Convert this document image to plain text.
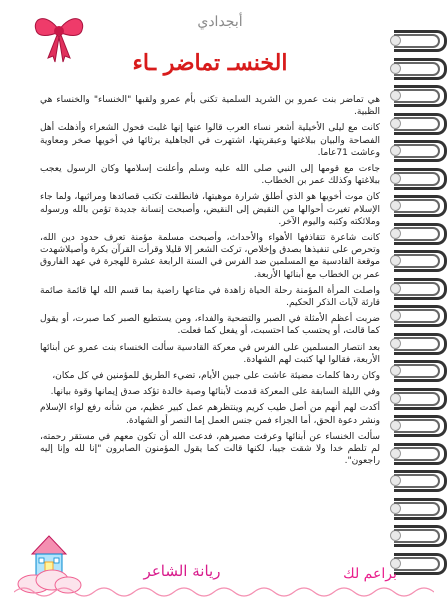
أبجدادي
الخنسـ تماضر ـاء

هي تماضر بنت عمرو بن الشريد السلمية تكنى بأم عمرو ولقبها "الخنساء" والخنساء هي الظبية.

كانت مع ليلى الأخيلية أشعر نساء العرب قالوا عنها إنها غلبت فحول الشعراء وأذهلت أهل الفصاحة والبيان ببلاغتها وعبقريتها، اشتهرت في الجاهلية برثائها في أخويها صخر ومعاوية وعاشت 71عاما.

جاءت مع قومها إلى النبي صلى الله عليه وسلم وأعلنت إسلامها وكان الرسول يعجب ببلاغتها وكذلك عمر بن الخطاب.

كان موت أخويها هو الذي أطلق شرارة موهبتها، فانطلقت تكتب قصائدها ومراثيها، ولما جاء الإسلام تغيرت أحوالها من النقيض إلى النقيض، وأصبحت إنسانة جديدة تؤمن بالله ورسوله وملائكته وكتبه واليوم الآخر.

كانت شاعرة تتقاذفها الأهواء والأحداث، وأصبحت مسلمة مؤمنة تعرف حدود دين الله، وتحرص على تنفيذها بصدق وإخلاص، تركت الشعر إلا قليلا وقرأت القرآن بكرة وأصيلاشهدت موقعة القادسية مع المسلمين ضد الفرس في السنة الرابعة عشرة للهجرة في عهد الفاروق عمر بن الخطاب مع أبنائها الأربعة.

واصلت المرأة المؤمنة رحلة الحياة زاهدة في متاعها راضية بما قسم الله لها قائمة صائمة قارئة لآيات الذكر الحكيم.

ضربت أعظم الأمثلة في الصبر والتضحية والفداء، ومن يستطيع الصبر كما صبرت، أو يقول كما قالت، أو يحتسب كما احتسبت، أو يفعل كما فعلت.

بعد انتصار المسلمين على الفرس في معركة القادسية سألت الخنساء بنت عمرو عن أبنائها الأربعة، فقالوا لها كتبت لهم الشهادة.

وكان ردها كلمات مضيئة عاشت على جبين الأيام، تضيء الطريق للمؤمنين في كل مكان،

وفي الليلة السابقة على المعركة قدمت لأبنائها وصية خالدة تؤكد صدق إيمانها وقوة بيانها.

أكدت لهم أنهم من أصل طيب كريم وينتظرهم عمل كبير عظيم، من شأنه رفع لواء الإسلام ونشر دعوة الحق، أما الجزاء فمن جنس العمل إما النصر أو الشهادة.

سألت الخنساء عن أبنائها وعرفت مصيرهم، فدعت الله أن تكون معهم في مستقر رحمته، لم تلطم خدا ولا شقت جيبا، لكنها قالت كما يقول المؤمنون الصابرون "إنا لله وإنا إليه راجعون".

ريانة الشاعر	براعم لك
